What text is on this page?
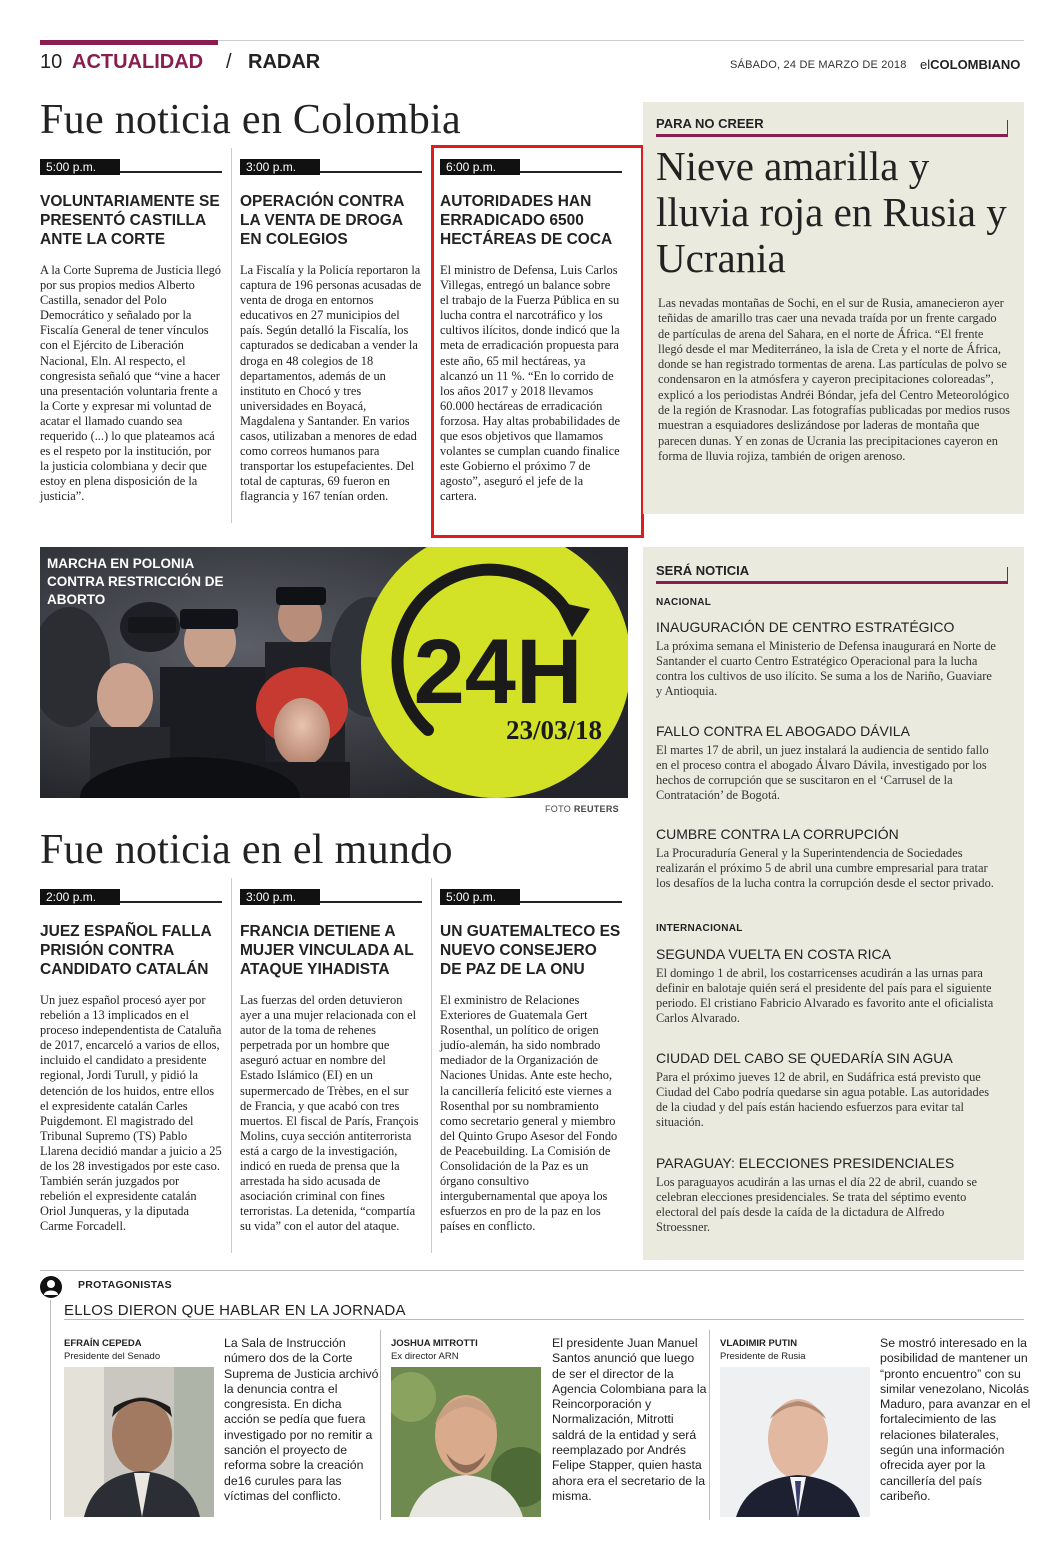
10 ACTUALIDAD / RADAR	SÁBADO, 24 DE MARZO DE 2018 elCOLOMBIANO
Fue noticia en Colombia
5:00 p.m.
VOLUNTARIAMENTE SE PRESENTÓ CASTILLA ANTE LA CORTE
A la Corte Suprema de Justicia llegó por sus propios medios Alberto Castilla, senador del Polo Democrático y señalado por la Fiscalía General de tener vínculos con el Ejército de Liberación Nacional, Eln. Al respecto, el congresista señaló que “vine a hacer una presentación voluntaria frente a la Corte y expresar mi voluntad de acatar el llamado cuando sea requerido (...) lo que plateamos acá es el respeto por la institución, por la justicia colombiana y decir que estoy en plena disposición de la justicia”.
3:00 p.m.
OPERACIÓN CONTRA LA VENTA DE DROGA EN COLEGIOS
La Fiscalía y la Policía reportaron la captura de 196 personas acusadas de venta de droga en entornos educativos en 27 municipios del país. Según detalló la Fiscalía, los capturados se dedicaban a vender la droga en 48 colegios de 18 departamentos, además de un instituto en Chocó y tres universidades en Boyacá, Magdalena y Santander. En varios casos, utilizaban a menores de edad como correos humanos para transportar los estupefacientes. Del total de capturas, 69 fueron en flagrancia y 167 tenían orden.
6:00 p.m.
AUTORIDADES HAN ERRADICADO 6500 HECTÁREAS DE COCA
El ministro de Defensa, Luis Carlos Villegas, entregó un balance sobre el trabajo de la Fuerza Pública en su lucha contra el narcotráfico y los cultivos ilícitos, donde indicó que la meta de erradicación propuesta para este año, 65 mil hectáreas, ya alcanzó un 11 %. “En lo corrido de los años 2017 y 2018 llevamos 60.000 hectáreas de erradicación forzosa. Hay altas probabilidades de que esos objetivos que llamamos volantes se cumplan cuando finalice este Gobierno el próximo 7 de agosto”, aseguró el jefe de la cartera.
PARA NO CREER
Nieve amarilla y lluvia roja en Rusia y Ucrania
Las nevadas montañas de Sochi, en el sur de Rusia, amanecieron ayer teñidas de amarillo tras caer una nevada traída por un frente cargado de partículas de arena del Sahara, en el norte de África. “El frente llegó desde el mar Mediterráneo, la isla de Creta y el norte de África, donde se han registrado tormentas de arena. Las partículas de polvo se condensaron en la atmósfera y cayeron precipitaciones coloreadas”, explicó a los periodistas Andréi Bóndar, jefa del Centro Meteorológico de la región de Krasnodar. Las fotografías publicadas por medios rusos muestran a esquiadores deslizándose por laderas de montaña que parecen dunas. Y en zonas de Ucrania las precipitaciones cayeron en forma de lluvia rojiza, también de origen arenoso.
24H
23/03/18
MARCHA EN POLONIA CONTRA RESTRICCIÓN DE ABORTO
FOTO REUTERS
Fue noticia en el mundo
2:00 p.m.
JUEZ ESPAÑOL FALLA PRISIÓN CONTRA CANDIDATO CATALÁN
Un juez español procesó ayer por rebelión a 13 implicados en el proceso independentista de Cataluña de 2017, encarceló a varios de ellos, incluido el candidato a presidente regional, Jordi Turull, y pidió la detención de los huidos, entre ellos el expresidente catalán Carles Puigdemont. El magistrado del Tribunal Supremo (TS) Pablo Llarena decidió mandar a juicio a 25 de los 28 investigados por este caso. También serán juzgados por rebelión el expresidente catalán Oriol Junqueras, y la diputada Carme Forcadell.
3:00 p.m.
FRANCIA DETIENE A MUJER VINCULADA AL ATAQUE YIHADISTA
Las fuerzas del orden detuvieron ayer a una mujer relacionada con el autor de la toma de rehenes perpetrada por un hombre que aseguró actuar en nombre del Estado Islámico (EI) en un supermercado de Trèbes, en el sur de Francia, y que acabó con tres muertos. El fiscal de París, François Molins, cuya sección antiterrorista está a cargo de la investigación, indicó en rueda de prensa que la arrestada ha sido acusada de asociación criminal con fines terroristas. La detenida, “compartía su vida” con el autor del ataque.
5:00 p.m.
UN GUATEMALTECO ES NUEVO CONSEJERO DE PAZ DE LA ONU
El exministro de Relaciones Exteriores de Guatemala Gert Rosenthal, un político de origen judío-alemán, ha sido nombrado mediador de la Organización de Naciones Unidas. Ante este hecho, la cancillería felicitó este viernes a Rosenthal por su nombramiento como secretario general y miembro del Quinto Grupo Asesor del Fondo de Peacebuilding. La Comisión de Consolidación de la Paz es un órgano consultivo intergubernamental que apoya los esfuerzos en pro de la paz en los países en conflicto.
SERÁ NOTICIA
NACIONAL
INAUGURACIÓN DE CENTRO ESTRATÉGICO

La próxima semana el Ministerio de Defensa inaugurará en Norte de Santander el cuarto Centro Estratégico Operacional para la lucha contra los cultivos de uso ilícito. Se suma a los de Nariño, Guaviare y Antioquia.

FALLO CONTRA EL ABOGADO DÁVILA

El martes 17 de abril, un juez instalará la audiencia de sentido fallo en el proceso contra el abogado Álvaro Dávila, investigado por los hechos de corrupción que se suscitaron en el ‘Carrusel de la Contratación’ de Bogotá.

CUMBRE CONTRA LA CORRUPCIÓN

La Procuraduría General y la Superintendencia de Sociedades realizarán el próximo 5 de abril una cumbre empresarial para tratar los desafíos de la lucha contra la corrupción desde el sector privado.

INTERNACIONAL
SEGUNDA VUELTA EN COSTA RICA

El domingo 1 de abril, los costarricenses acudirán a las urnas para definir en balotaje quién será el presidente del país para el siguiente periodo. El cristiano Fabricio Alvarado es favorito ante el oficialista Carlos Alvarado.

CIUDAD DEL CABO SE QUEDARÍA SIN AGUA

Para el próximo jueves 12 de abril, en Sudáfrica está previsto que Ciudad del Cabo podría quedarse sin agua potable. Las autoridades de la ciudad y del país están haciendo esfuerzos para evitar tal situación.

PARAGUAY: ELECCIONES PRESIDENCIALES

Los paraguayos acudirán a las urnas el día 22 de abril, cuando se celebran elecciones presidenciales. Se trata del séptimo evento electoral del país desde la caída de la dictadura de Alfredo Stroessner.

PROTAGONISTAS
ELLOS DIERON QUE HABLAR EN LA JORNADA
EFRAÍN CEPEDA
Presidente del Senado
La Sala de Instrucción número dos de la Corte Suprema de Justicia archivó la denuncia contra el congresista. En dicha acción se pedía que fuera investigado por no remitir a sanción el proyecto de reforma sobre la creación de16 curules para las víctimas del conflicto.
JOSHUA MITROTTI
Ex director ARN
El presidente Juan Manuel Santos anunció que luego de ser el director de la Agencia Colombiana para la Reincorporación y Normalización, Mitrotti saldrá de la entidad y será reemplazado por Andrés Felipe Stapper, quien hasta ahora era el secretario de la misma.
VLADIMIR PUTIN
Presidente de Rusia
Se mostró interesado en la posibilidad de mantener un “pronto encuentro” con su similar venezolano, Nicolás Maduro, para avanzar en el fortalecimiento de las relaciones bilaterales, según una información ofrecida ayer por la cancillería del país caribeño.
